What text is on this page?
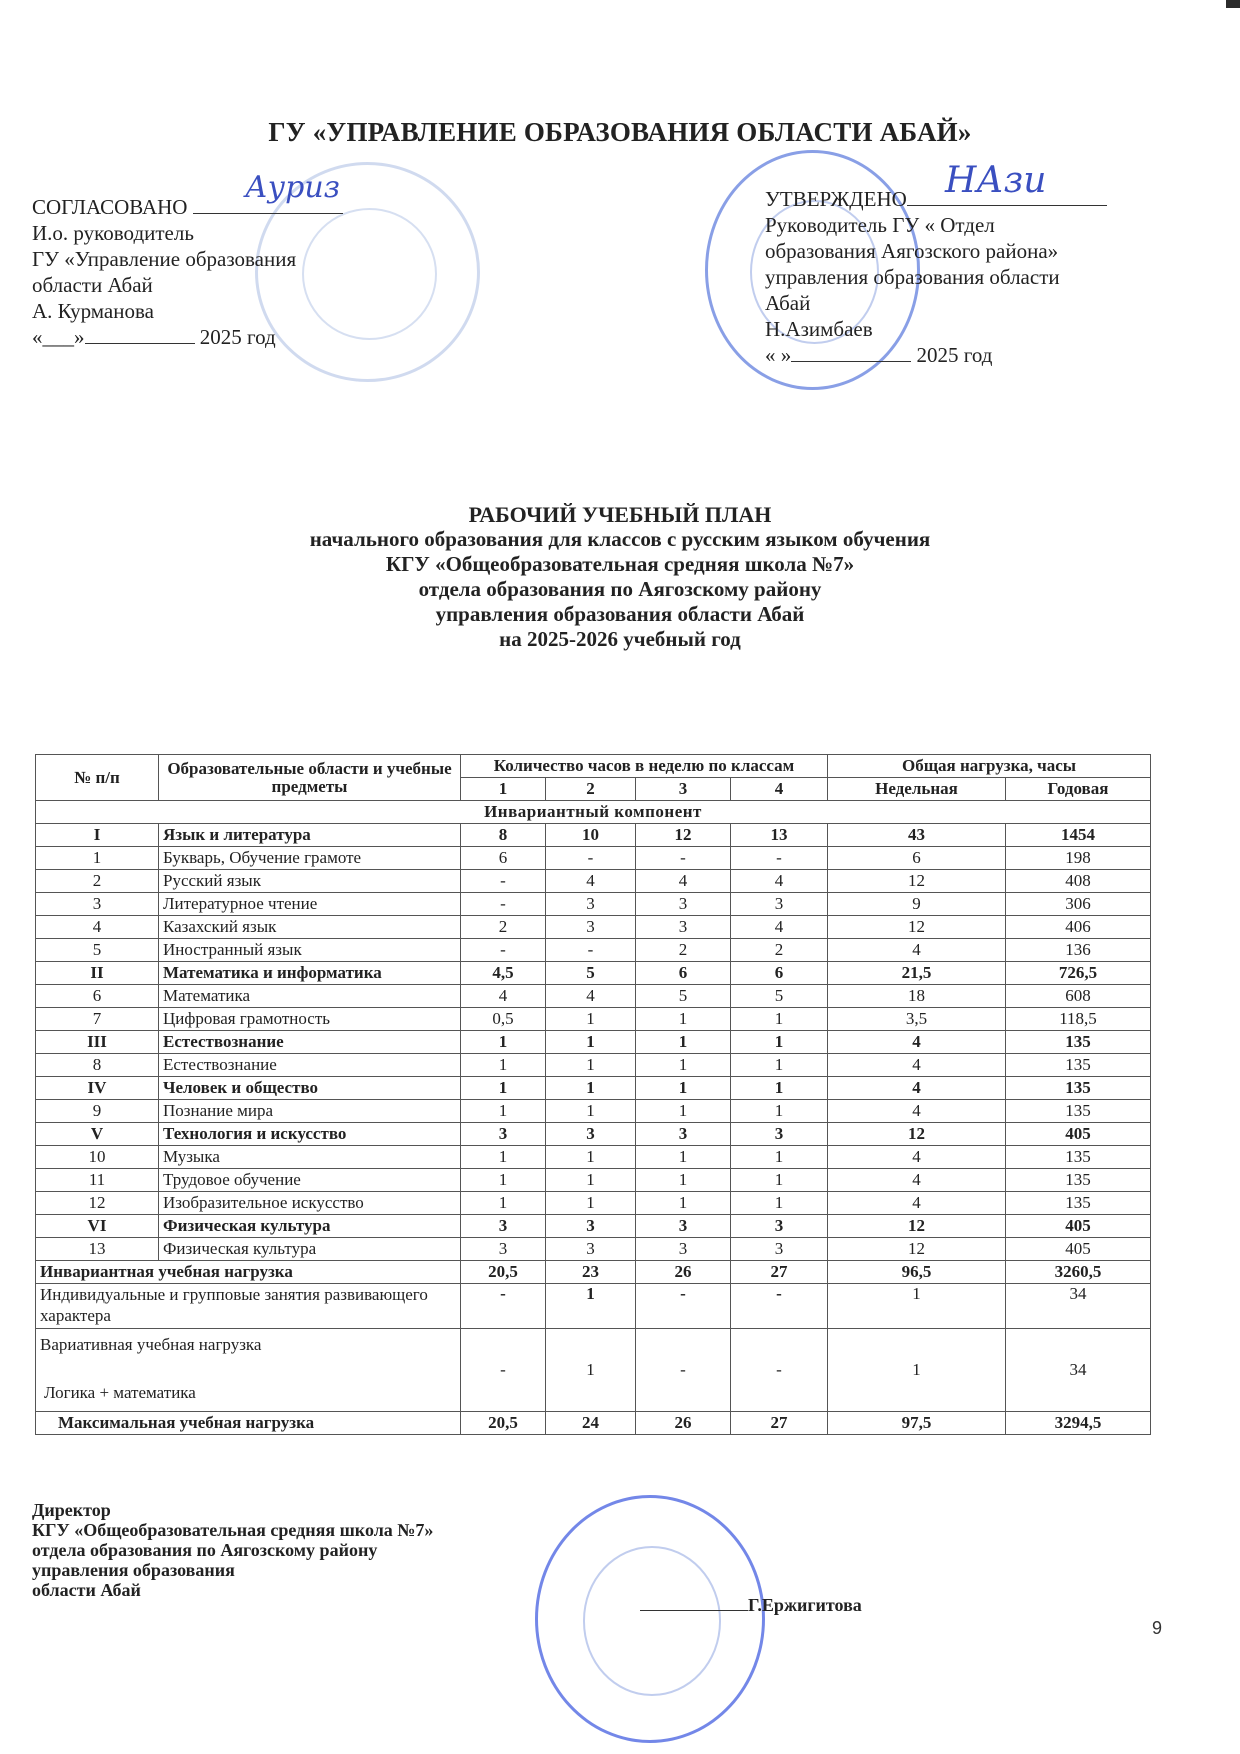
ГУ «УПРАВЛЕНИЕ ОБРАЗОВАНИЯ ОБЛАСТИ АБАЙ»
СОГЛАСОВАНО
И.о. руководитель
ГУ «Управление образования
области Абай
А. Курманова
«___»	2025 год
Ауриз	УТВЕРЖДЕНО
Руководитель ГУ « Отдел
образования Аягозского района»
управления образования области
Абай
Н.Азимбаев
« »	2025 год
НАзи
РАБОЧИЙ УЧЕБНЫЙ ПЛАН
начального образования для классов с русским языком обучения
КГУ «Общеобразовательная средняя школа №7»
отдела образования по Аягозскому району
управления образования области Абай
на 2025-2026 учебный год
№ п/п	Образовательные области и учебные предметы	Количество часов в неделю по классам				Общая нагрузка, часы	
		1	2	3	4	Недельная	Годовая
Инвариантный компонент							
I	Язык и литература	8	10	12	13	43	1454
1	Букварь, Обучение грамоте	6	-	-	-	6	198
2	Русский язык	-	4	4	4	12	408
3	Литературное чтение	-	3	3	3	9	306
4	Казахский язык	2	3	3	4	12	406
5	Иностранный язык	-	-	2	2	4	136
II	Математика и информатика	4,5	5	6	6	21,5	726,5
6	Математика	4	4	5	5	18	608
7	Цифровая грамотность	0,5	1	1	1	3,5	118,5
III	Естествознание	1	1	1	1	4	135
8	Естествознание	1	1	1	1	4	135
IV	Человек и общество	1	1	1	1	4	135
9	Познание мира	1	1	1	1	4	135
V	Технология и искусство	3	3	3	3	12	405
10	Музыка	1	1	1	1	4	135
11	Трудовое обучение	1	1	1	1	4	135
12	Изобразительное искусство	1	1	1	1	4	135
VI	Физическая культура	3	3	3	3	12	405
13	Физическая культура	3	3	3	3	12	405
Инвариантная учебная нагрузка		20,5	23	26	27	96,5	3260,5
Индивидуальные и групповые занятия развивающего характера		-	1	-	-	1	34

Вариативная учебная нагрузка
Логика + математика		-	1	-	-	1	34
Максимальная учебная нагрузка		20,5	24	26	27	97,5	3294,5
Директор
КГУ «Общеобразовательная средняя школа №7»
отдела образования по Аягозскому району
управления образования
области Абай
Г.Ержигитова
9
